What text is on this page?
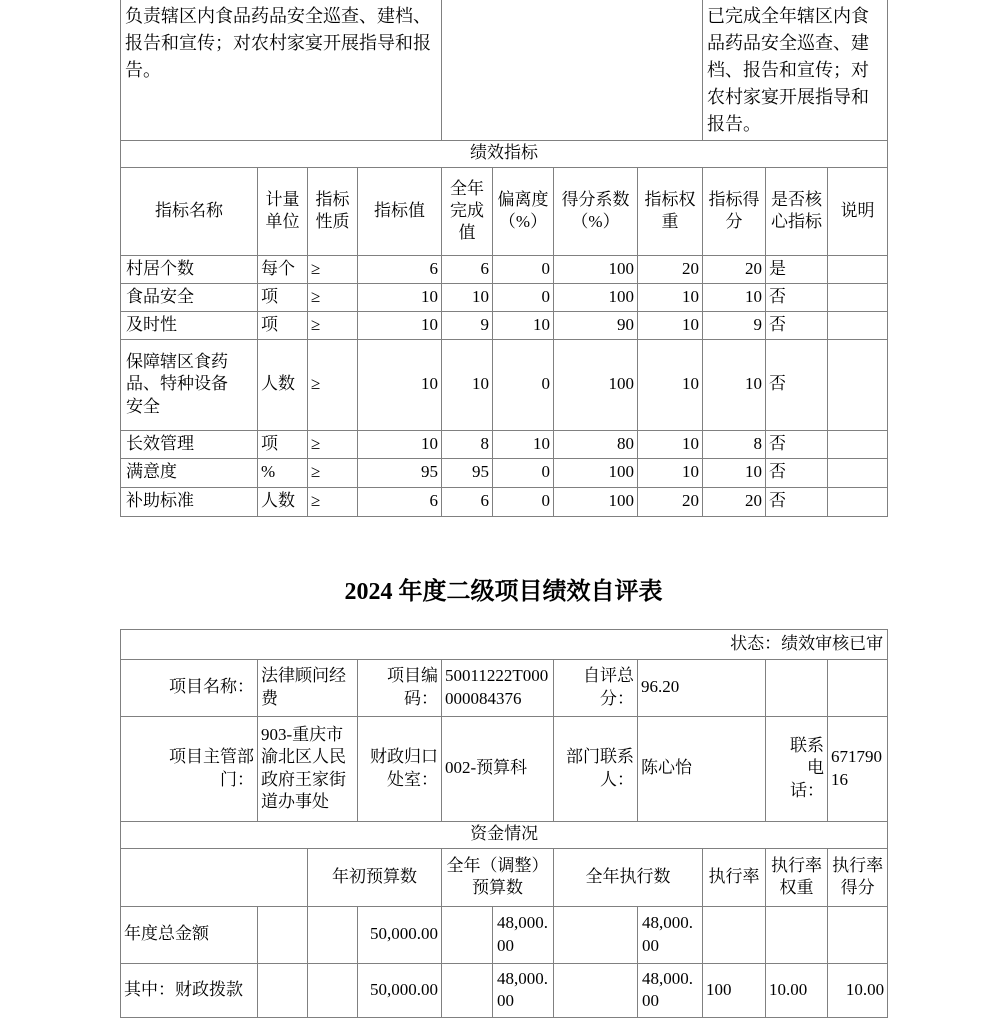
负责辖区内食品药品安全巡查、建档、报告和宣传；对农村家宴开展指导和报告。								已完成全年辖区内食品药品安全巡查、建档、报告和宣传；对农村家宴开展指导和报告。		
绩效指标										
指标名称	计量单位	指标性质	指标值	全年完成值	偏离度（%）	得分系数（%）	指标权重	指标得分	是否核心指标	说明
村居个数	每个	≥	6	6	0	100	20	20	是	
食品安全	项	≥	10	10	0	100	10	10	否	
及时性	项	≥	10	9	10	90	10	9	否	
保障辖区食药品、特种设备安全	人数	≥	10	10	0	100	10	10	否	
长效管理	项	≥	10	8	10	80	10	8	否	
满意度	%	≥	95	95	0	100	10	10	否	
补助标准	人数	≥	6	6	0	100	20	20	否	
2024 年度二级项目绩效自评表
状态：绩效审核已审										
项目名称：	法律顾问经费		项目编码：	50011222T000000084376		自评总分：	96.20			
项目主管部门：	903-重庆市渝北区人民政府王家街道办事处		财政归口处室：	002-预算科		部门联系人：	陈心怡		联系电话：	67179016
资金情况										
		年初预算数		全年（调整）预算数		全年执行数		执行率	执行率权重	执行率得分
年度总金额			50,000.00		48,000.00		48,000.00			
其中：财政拨款			50,000.00		48,000.00		48,000.00	100	10.00	10.00
